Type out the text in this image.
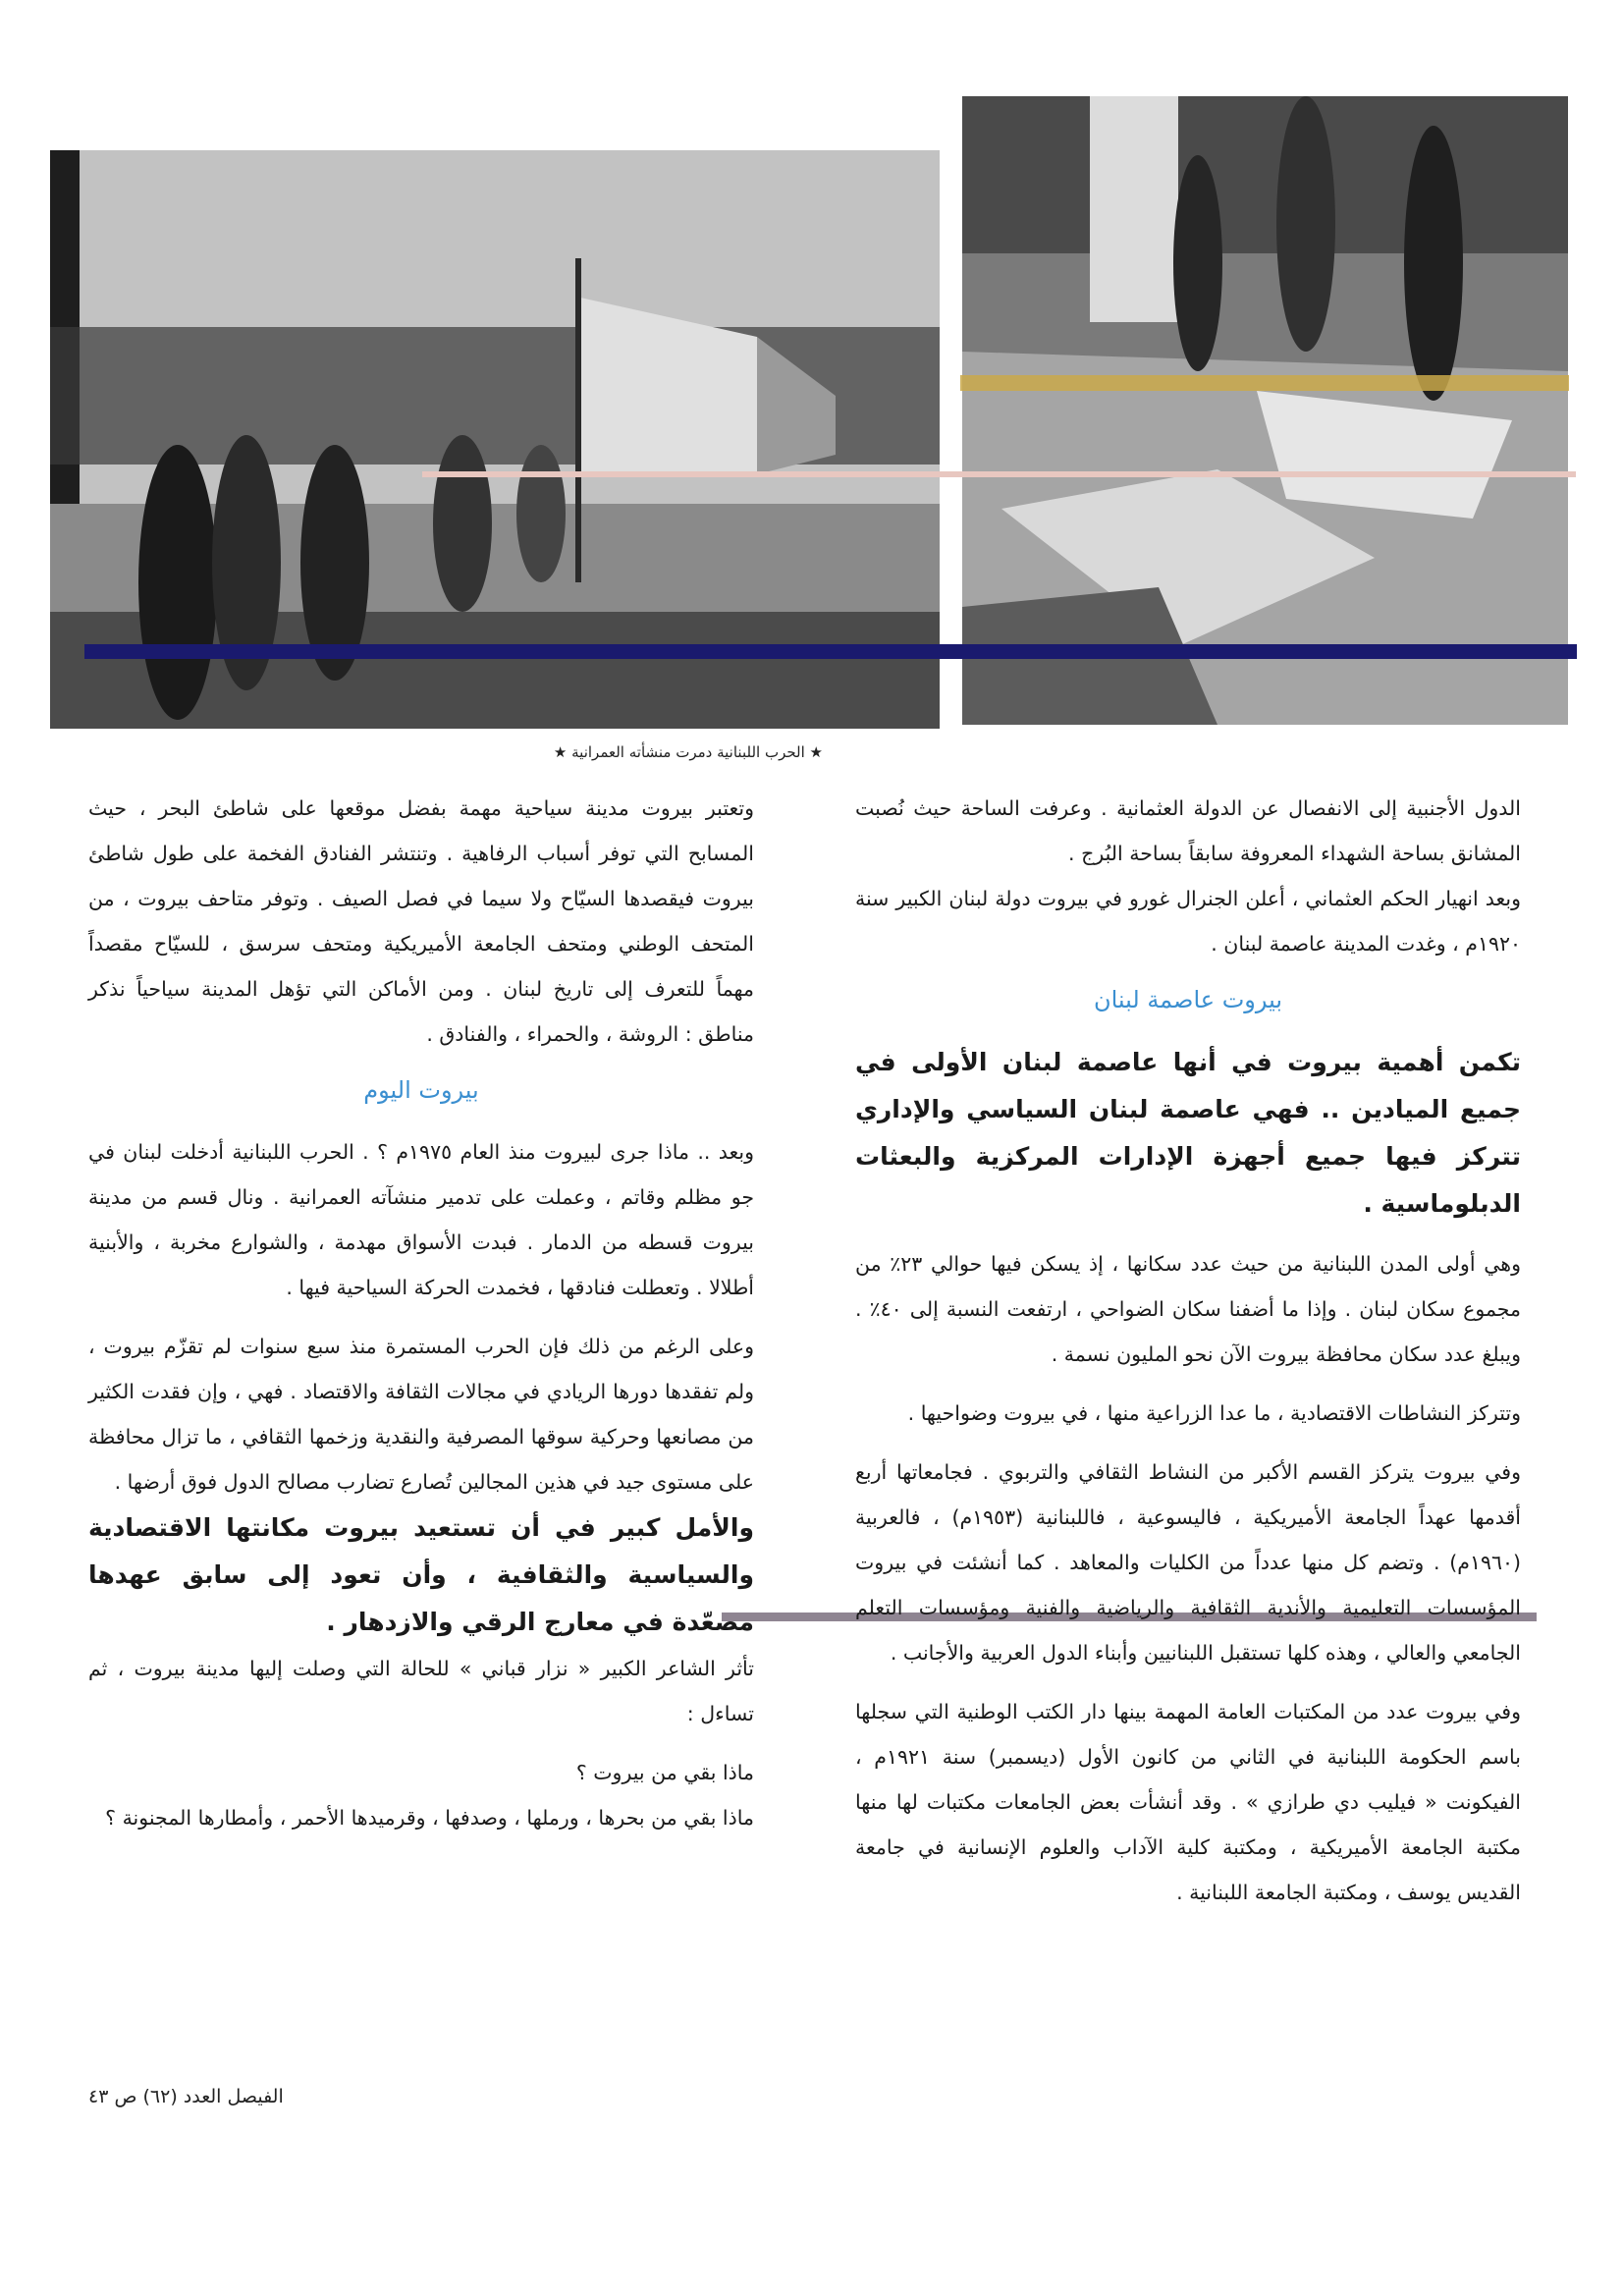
★ الحرب اللبنانية دمرت منشأته العمرانية ★

الدول الأجنبية إلى الانفصال عن الدولة العثمانية . وعرفت الساحة حيث نُصبت المشانق بساحة الشهداء المعروفة سابقاً بساحة البُرج .

وبعد انهيار الحكم العثماني ، أعلن الجنرال غورو في بيروت دولة لبنان الكبير سنة ١٩٢٠م ، وغدت المدينة عاصمة لبنان .

بيروت عاصمة لبنان

تكمن أهمية بيروت في أنها عاصمة لبنان الأولى في جميع الميادين .. فهي عاصمة لبنان السياسي والإداري تتركز فيها جميع أجهزة الإدارات المركزية والبعثات الدبلوماسية .

وهي أولى المدن اللبنانية من حيث عدد سكانها ، إذ يسكن فيها حوالي ٢٣٪ من مجموع سكان لبنان . وإذا ما أضفنا سكان الضواحي ، ارتفعت النسبة إلى ٤٠٪ . ويبلغ عدد سكان محافظة بيروت الآن نحو المليون نسمة .

وتتركز النشاطات الاقتصادية ، ما عدا الزراعية منها ، في بيروت وضواحيها .

وفي بيروت يتركز القسم الأكبر من النشاط الثقافي والتربوي . فجامعاتها أربع أقدمها عهداً الجامعة الأميريكية ، فاليسوعية ، فاللبنانية (١٩٥٣م) ، فالعربية (١٩٦٠م) . وتضم كل منها عدداً من الكليات والمعاهد . كما أنشئت في بيروت المؤسسات التعليمية والأندية الثقافية والرياضية والفنية ومؤسسات التعلم الجامعي والعالي ، وهذه كلها تستقبل اللبنانيين وأبناء الدول العربية والأجانب .

وفي بيروت عدد من المكتبات العامة المهمة بينها دار الكتب الوطنية التي سجلها باسم الحكومة اللبنانية في الثاني من كانون الأول (ديسمبر) سنة ١٩٢١م ، الفيكونت « فيليب دي طرازي » . وقد أنشأت بعض الجامعات مكتبات لها منها مكتبة الجامعة الأميريكية ، ومكتبة كلية الآداب والعلوم الإنسانية في جامعة القديس يوسف ، ومكتبة الجامعة اللبنانية .

وتعتبر بيروت مدينة سياحية مهمة بفضل موقعها على شاطئ البحر ، حيث المسابح التي توفر أسباب الرفاهية . وتنتشر الفنادق الفخمة على طول شاطئ بيروت فيقصدها السيّاح ولا سيما في فصل الصيف . وتوفر متاحف بيروت ، من المتحف الوطني ومتحف الجامعة الأميريكية ومتحف سرسق ، للسيّاح مقصداً مهماً للتعرف إلى تاريخ لبنان . ومن الأماكن التي تؤهل المدينة سياحياً نذكر مناطق : الروشة ، والحمراء ، والفنادق .

بيروت اليوم

وبعد .. ماذا جرى لبيروت منذ العام ١٩٧٥م ؟ . الحرب اللبنانية أدخلت لبنان في جو مظلم وقاتم ، وعملت على تدمير منشآته العمرانية . ونال قسم من مدينة بيروت قسطه من الدمار . فبدت الأسواق مهدمة ، والشوارع مخربة ، والأبنية أطلالا . وتعطلت فنادقها ، فخمدت الحركة السياحية فيها .

وعلى الرغم من ذلك فإن الحرب المستمرة منذ سبع سنوات لم تقزّم بيروت ، ولم تفقدها دورها الريادي في مجالات الثقافة والاقتصاد . فهي ، وإن فقدت الكثير من مصانعها وحركية سوقها المصرفية والنقدية وزخمها الثقافي ، ما تزال محافظة على مستوى جيد في هذين المجالين تُصارع تضارب مصالح الدول فوق أرضها .

والأمل كبير في أن تستعيد بيروت مكانتها الاقتصادية والسياسية والثقافية ، وأن تعود إلى سابق عهدها مصعّدة في معارج الرقي والازدهار .

تأثر الشاعر الكبير « نزار قباني » للحالة التي وصلت إليها مدينة بيروت ، ثم تساءل :

ماذا بقي من بيروت ؟

ماذا بقي من بحرها ، ورملها ، وصدفها ، وقرميدها الأحمر ، وأمطارها المجنونة ؟

الفيصل العدد (٦٢) ص ٤٣
